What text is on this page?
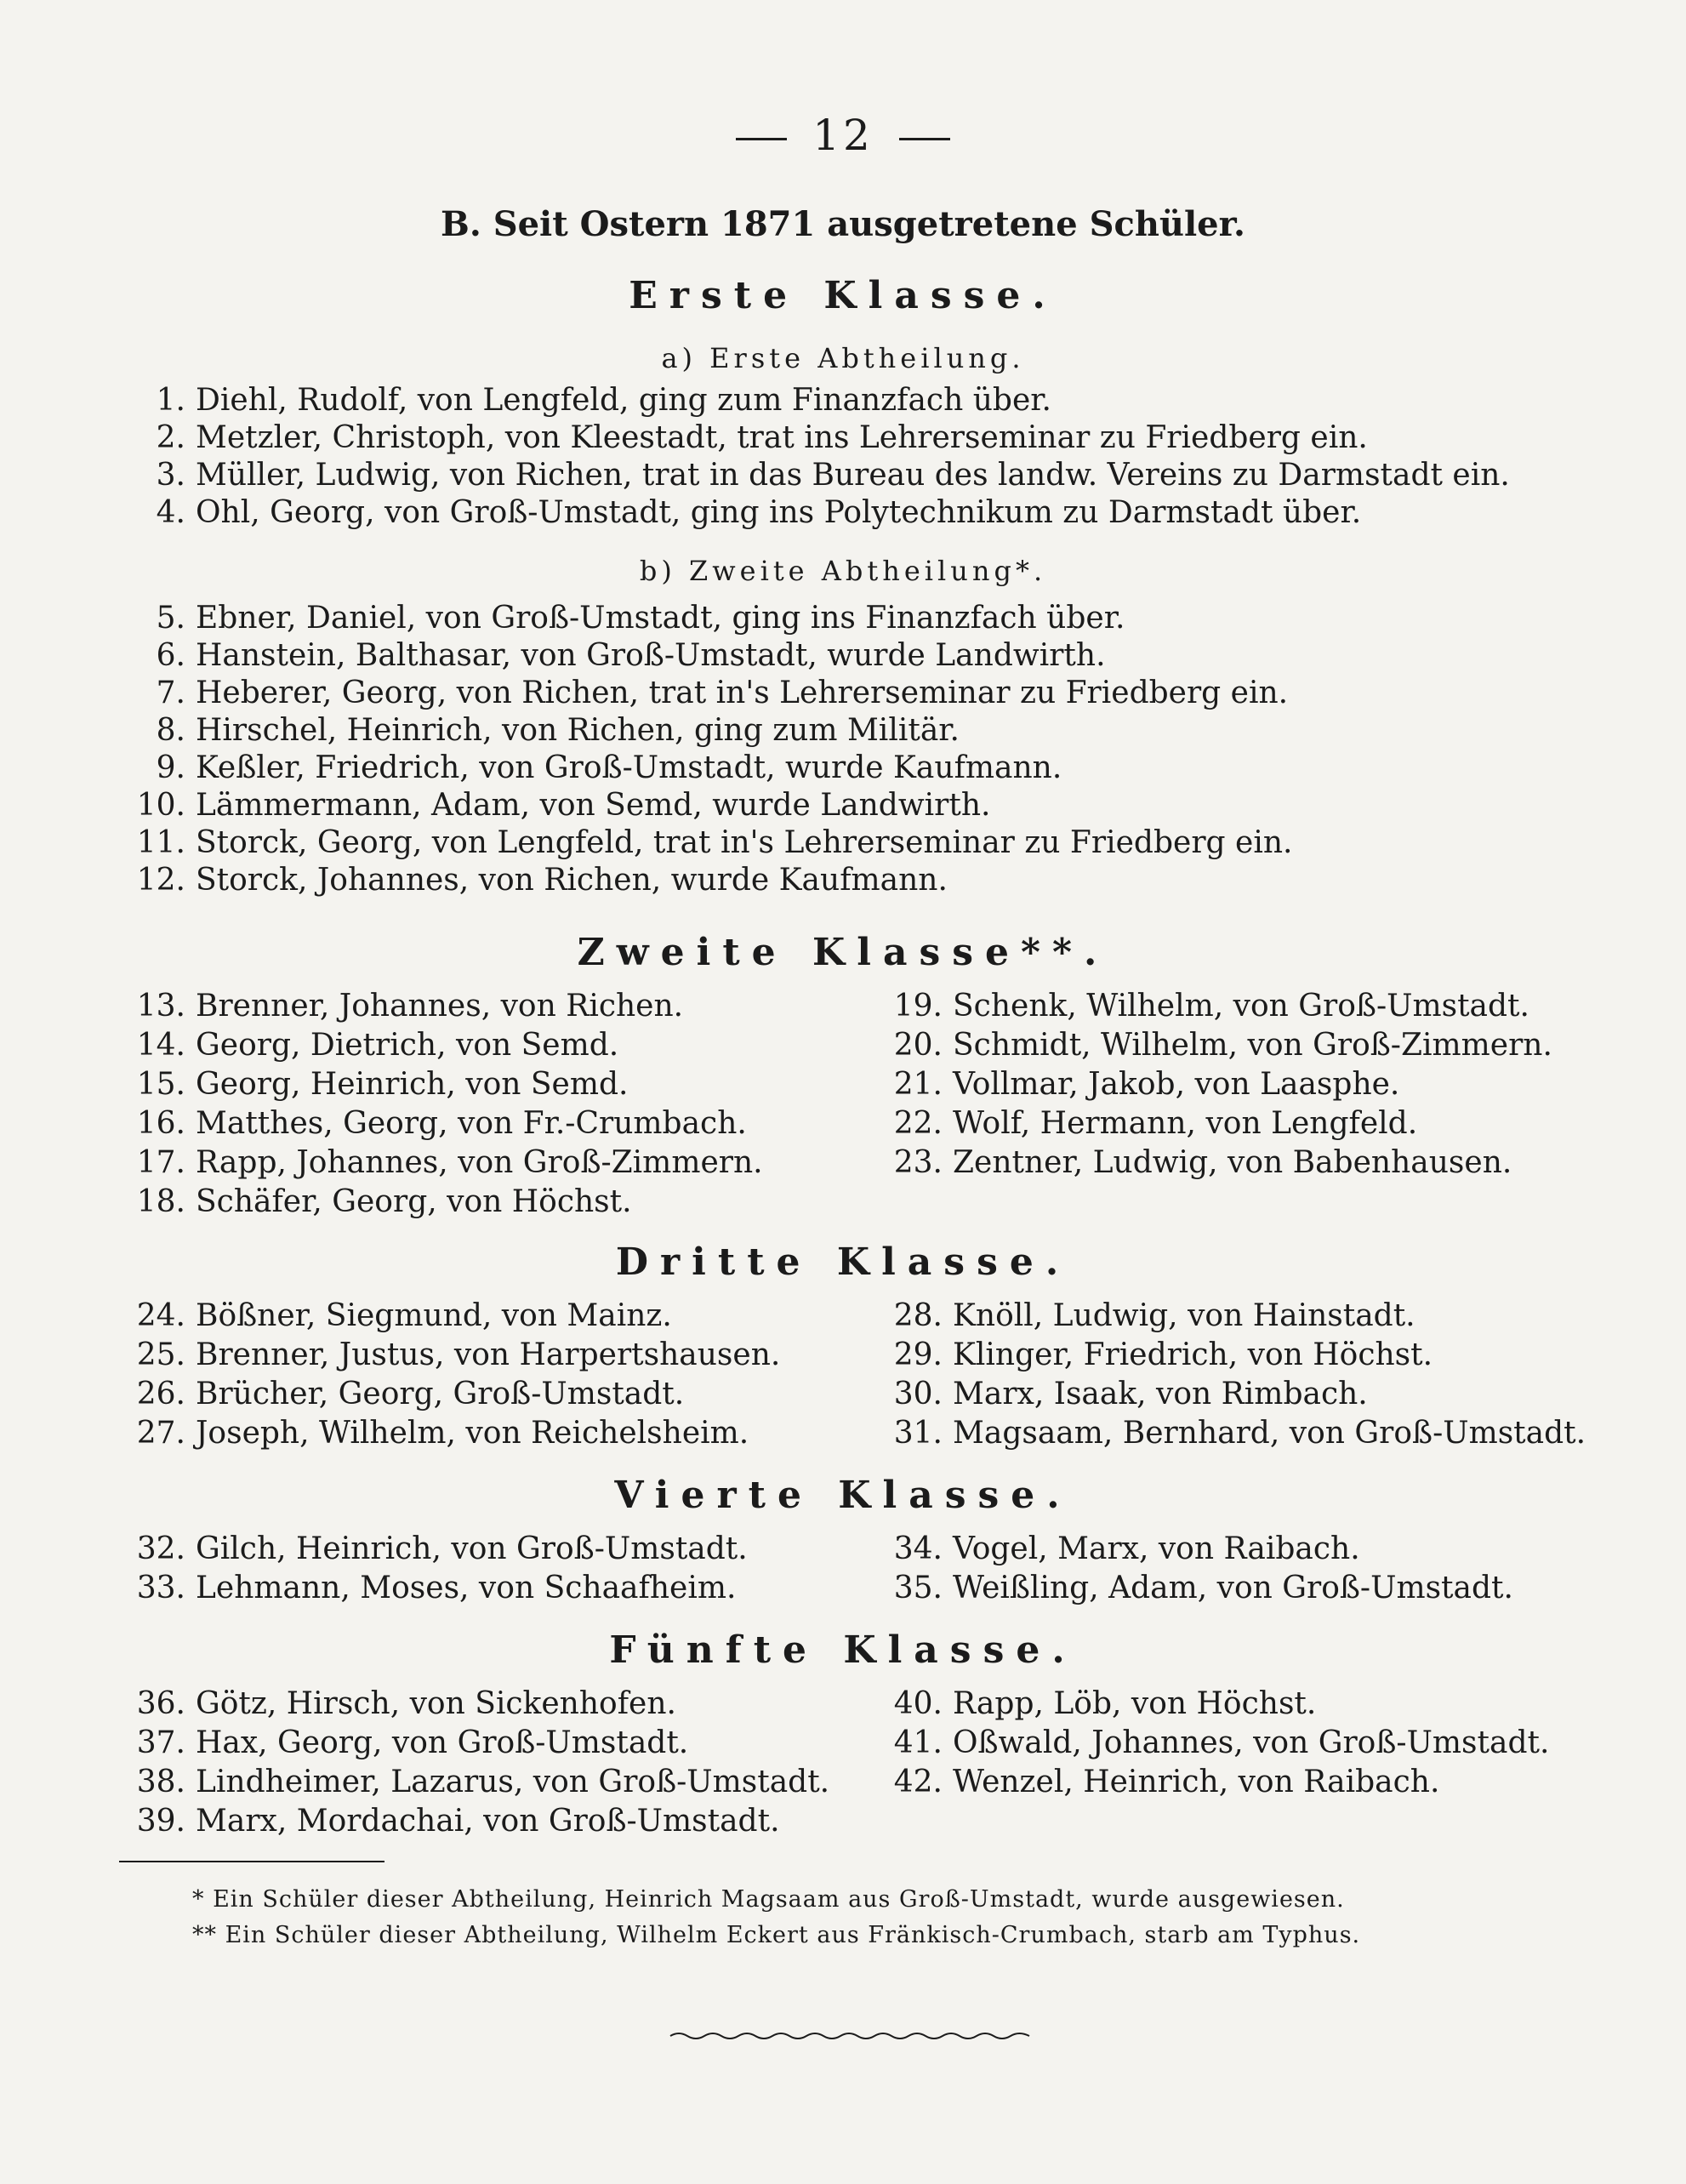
12
B. Seit Ostern 1871 ausgetretene Schüler.
Erste Klasse.
a) Erste Abtheilung.
1. Diehl, Rudolf, von Lengfeld, ging zum Finanzfach über.
2. Metzler, Christoph, von Kleestadt, trat ins Lehrerseminar zu Friedberg ein.
3. Müller, Ludwig, von Richen, trat in das Bureau des landw. Vereins zu Darmstadt ein.
4. Ohl, Georg, von Groß-Umstadt, ging ins Polytechnikum zu Darmstadt über.
b) Zweite Abtheilung*.
5. Ebner, Daniel, von Groß-Umstadt, ging ins Finanzfach über.
6. Hanstein, Balthasar, von Groß-Umstadt, wurde Landwirth.
7. Heberer, Georg, von Richen, trat in's Lehrerseminar zu Friedberg ein.
8. Hirschel, Heinrich, von Richen, ging zum Militär.
9. Keßler, Friedrich, von Groß-Umstadt, wurde Kaufmann.
10. Lämmermann, Adam, von Semd, wurde Landwirth.
11. Storck, Georg, von Lengfeld, trat in's Lehrerseminar zu Friedberg ein.
12. Storck, Johannes, von Richen, wurde Kaufmann.
Zweite Klasse**.
13. Brenner, Johannes, von Richen.
14. Georg, Dietrich, von Semd.
15. Georg, Heinrich, von Semd.
16. Matthes, Georg, von Fr.-Crumbach.
17. Rapp, Johannes, von Groß-Zimmern.
18. Schäfer, Georg, von Höchst.
19. Schenk, Wilhelm, von Groß-Umstadt.
20. Schmidt, Wilhelm, von Groß-Zimmern.
21. Vollmar, Jakob, von Laasphe.
22. Wolf, Hermann, von Lengfeld.
23. Zentner, Ludwig, von Babenhausen.
Dritte Klasse.
24. Bößner, Siegmund, von Mainz.
25. Brenner, Justus, von Harpertshausen.
26. Brücher, Georg, Groß-Umstadt.
27. Joseph, Wilhelm, von Reichelsheim.
28. Knöll, Ludwig, von Hainstadt.
29. Klinger, Friedrich, von Höchst.
30. Marx, Isaak, von Rimbach.
31. Magsaam, Bernhard, von Groß-Umstadt.
Vierte Klasse.
32. Gilch, Heinrich, von Groß-Umstadt.
33. Lehmann, Moses, von Schaafheim.
34. Vogel, Marx, von Raibach.
35. Weißling, Adam, von Groß-Umstadt.
Fünfte Klasse.
36. Götz, Hirsch, von Sickenhofen.
37. Hax, Georg, von Groß-Umstadt.
38. Lindheimer, Lazarus, von Groß-Umstadt.
39. Marx, Mordachai, von Groß-Umstadt.
40. Rapp, Löb, von Höchst.
41. Oßwald, Johannes, von Groß-Umstadt.
42. Wenzel, Heinrich, von Raibach.
* Ein Schüler dieser Abtheilung, Heinrich Magsaam aus Groß-Umstadt, wurde ausgewiesen.
** Ein Schüler dieser Abtheilung, Wilhelm Eckert aus Fränkisch-Crumbach, starb am Typhus.
